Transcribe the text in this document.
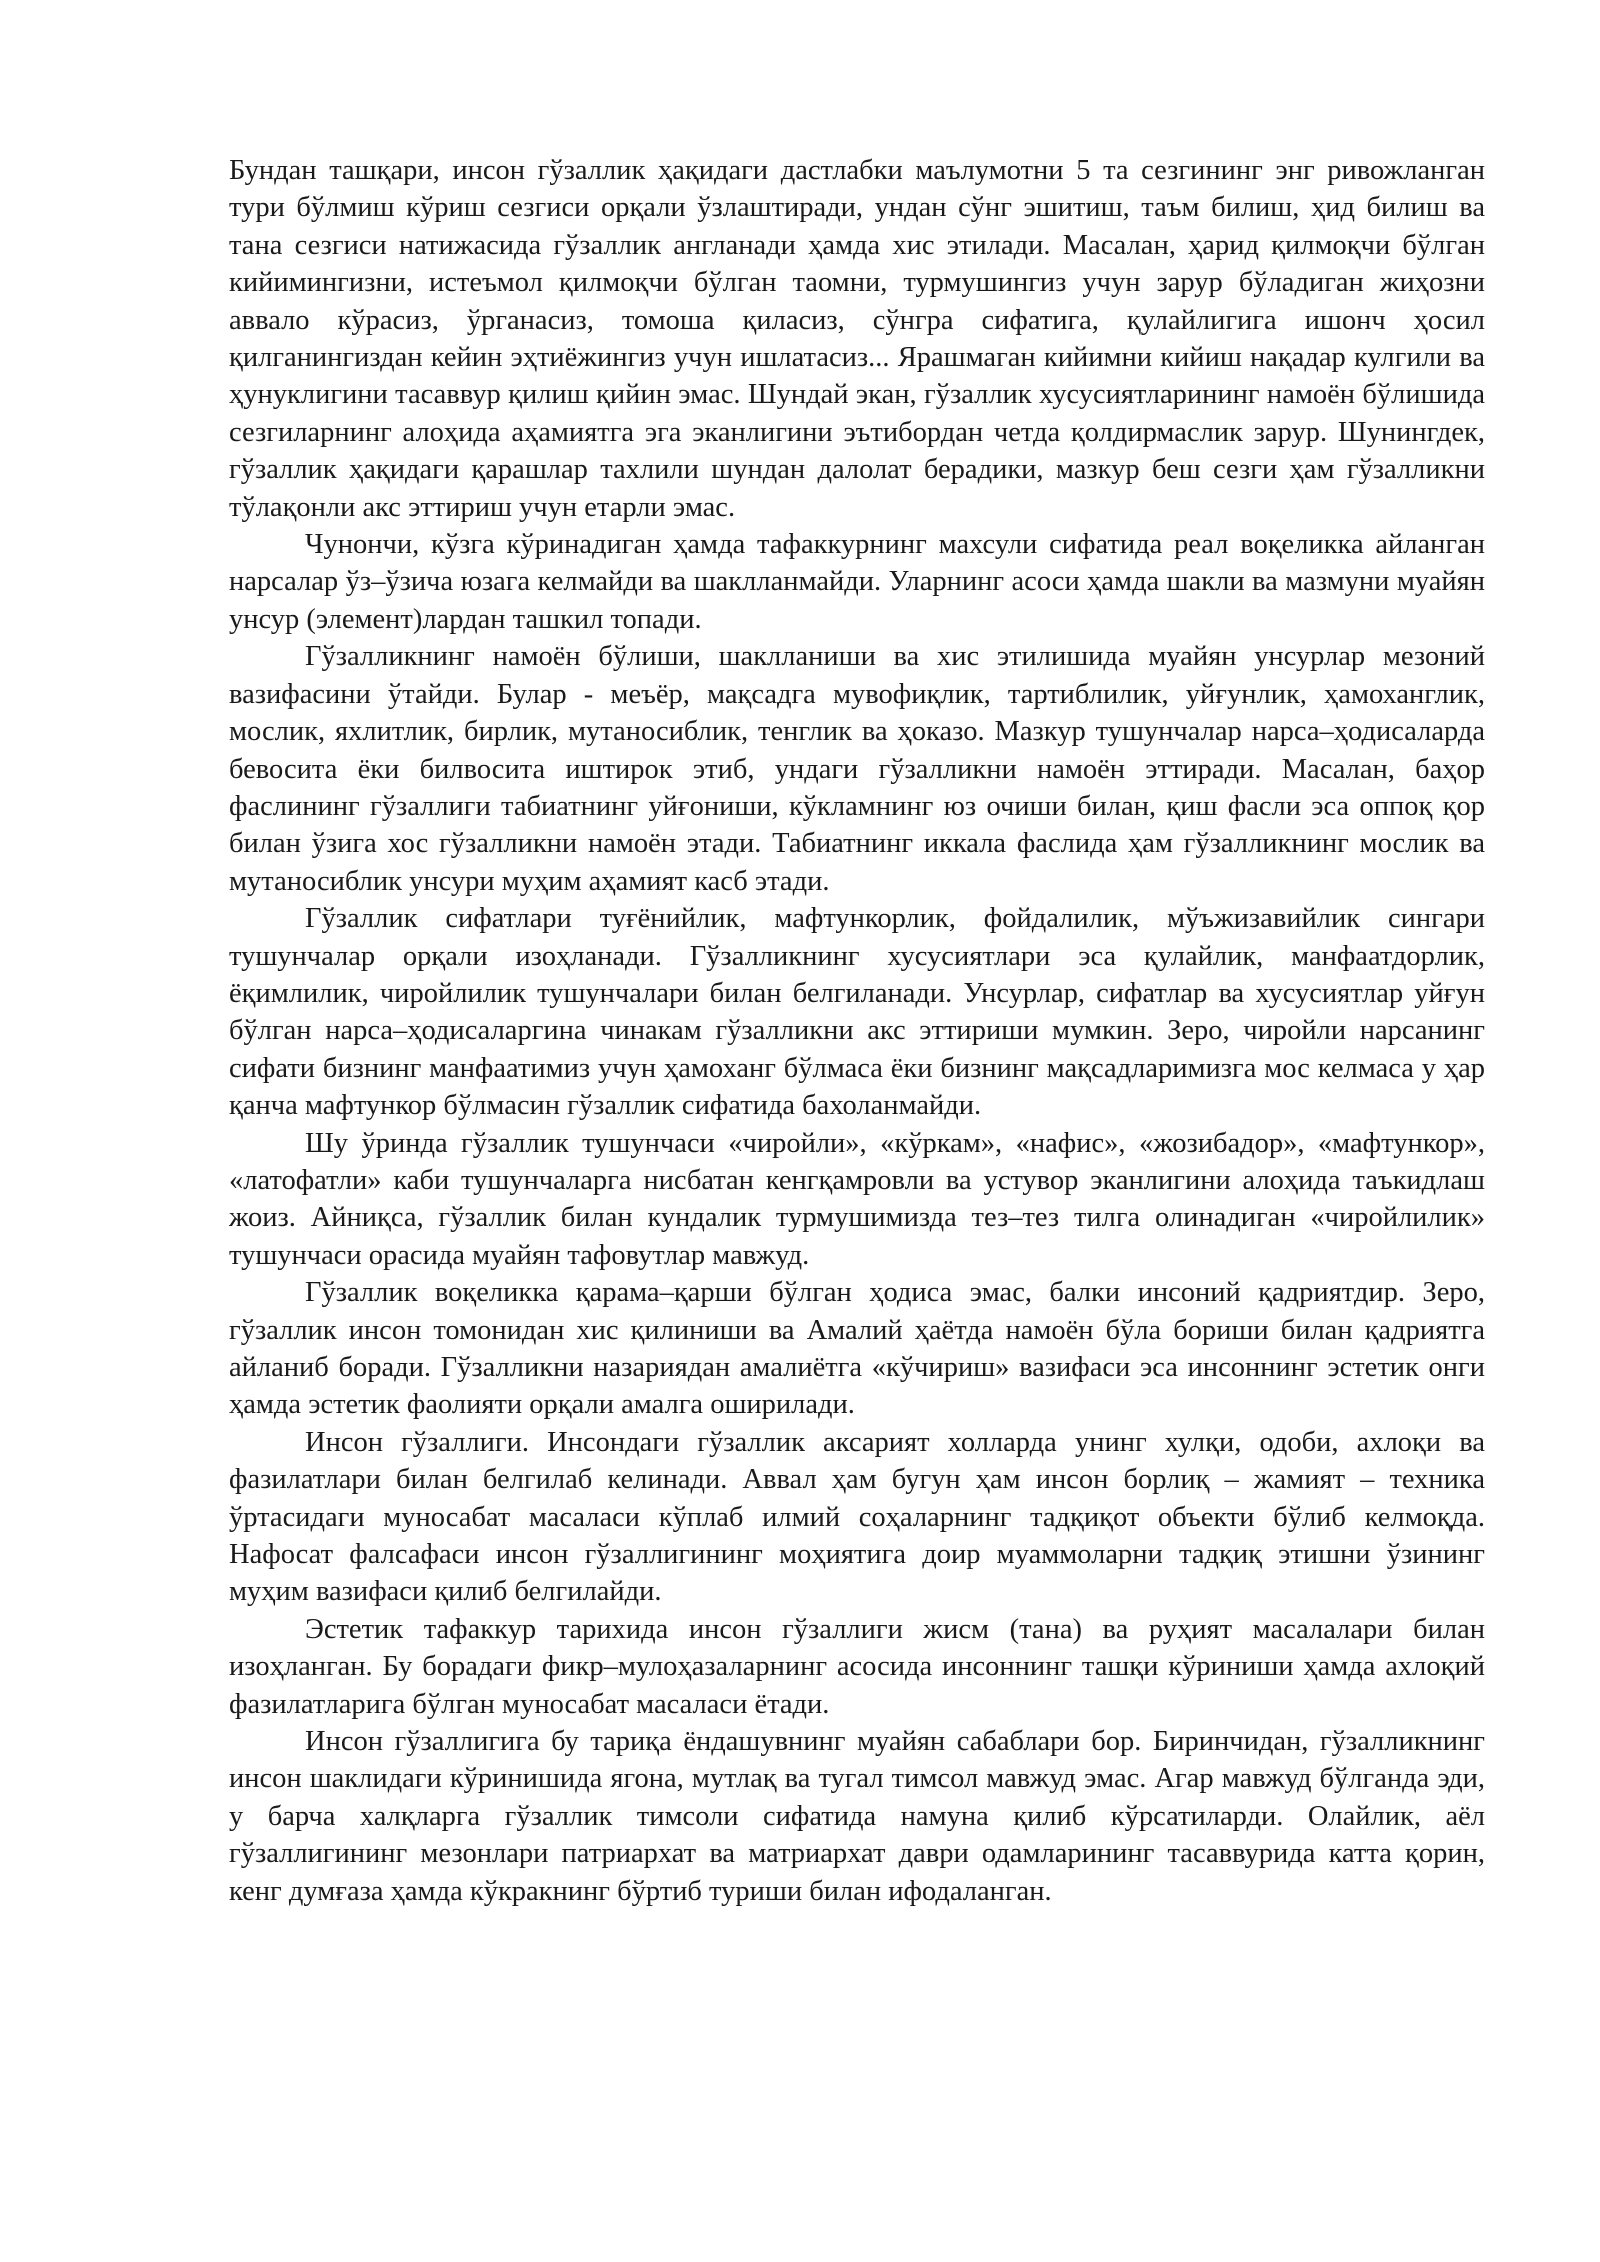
Бундан ташқари, инсон гўзаллик ҳақидаги дастлабки маълумотни 5 та сезгининг энг ривожланган тури бўлмиш кўриш сезгиси орқали ўзлаштиради, ундан сўнг эшитиш, таъм билиш, ҳид билиш ва тана сезгиси натижасида гўзаллик англанади ҳамда хис этилади. Масалан, ҳарид қилмоқчи бўлган кийимингизни, истеъмол қилмоқчи бўлган таомни, турмушингиз учун зарур бўладиган жиҳозни аввало кўрасиз, ўрганасиз, томоша қиласиз, сўнгра сифатига, қулайлигига ишонч ҳосил қилганингиздан кейин эҳтиёжингиз учун ишлатасиз... Ярашмаган кийимни кийиш нақадар кулгили ва ҳунуклигини тасаввур қилиш қийин эмас. Шундай экан, гўзаллик хусусиятларининг намоён бўлишида сезгиларнинг алоҳида аҳамиятга эга эканлигини эътибордан четда қолдирмаслик зарур. Шунингдек, гўзаллик ҳақидаги қарашлар тахлили шундан далолат берадики, мазкур беш сезги ҳам гўзалликни тўлақонли акс эттириш учун етарли эмас.

Чунончи, кўзга кўринадиган ҳамда тафаккурнинг махсули сифатида реал воқеликка айланган нарсалар ўз–ўзича юзага келмайди ва шаклланмайди. Уларнинг асоси ҳамда шакли ва мазмуни муайян унсур (элемент)лардан ташкил топади.

Гўзалликнинг намоён бўлиши, шаклланиши ва хис этилишида муайян унсурлар мезоний вазифасини ўтайди. Булар - меъёр, мақсадга мувофиқлик, тартиблилик, уйғунлик, ҳамоханглик, мослик, яхлитлик, бирлик, мутаносиблик, тенглик ва ҳоказо. Мазкур тушунчалар нарса–ҳодисаларда бевосита ёки билвосита иштирок этиб, ундаги гўзалликни намоён эттиради. Масалан, баҳор фаслининг гўзаллиги табиатнинг уйғониши, кўкламнинг юз очиши билан, қиш фасли эса оппоқ қор билан ўзига хос гўзалликни намоён этади. Табиатнинг иккала фаслида ҳам гўзалликнинг мослик ва мутаносиблик унсури муҳим аҳамият касб этади.

Гўзаллик сифатлари туғёнийлик, мафтункорлик, фойдалилик, мўъжизавийлик сингари тушунчалар орқали изоҳланади. Гўзалликнинг хусусиятлари эса қулайлик, манфаатдорлик, ёқимлилик, чиройлилик тушунчалари билан белгиланади. Унсурлар, сифатлар ва хусусиятлар уйғун бўлган нарса–ҳодисаларгина чинакам гўзалликни акс эттириши мумкин. Зеро, чиройли нарсанинг сифати бизнинг манфаатимиз учун ҳамоханг бўлмаса ёки бизнинг мақсадларимизга мос келмаса у ҳар қанча мафтункор бўлмасин гўзаллик сифатида бахоланмайди.

Шу ўринда гўзаллик тушунчаси «чиройли», «кўркам», «нафис», «жозибадор», «мафтункор», «латофатли» каби тушунчаларга нисбатан кенгқамровли ва устувор эканлигини алоҳида таъкидлаш жоиз. Айниқса, гўзаллик билан кундалик турмушимизда тез–тез тилга олинадиган «чиройлилик» тушунчаси орасида муайян тафовутлар мавжуд.

Гўзаллик воқеликка қарама–қарши бўлган ҳодиса эмас, балки инсоний қадриятдир. Зеро, гўзаллик инсон томонидан хис қилиниши ва Амалий ҳаётда намоён бўла бориши билан қадриятга айланиб боради. Гўзалликни назариядан амалиётга «кўчириш» вазифаси эса инсоннинг эстетик онги ҳамда эстетик фаолияти орқали амалга оширилади.

Инсон гўзаллиги. Инсондаги гўзаллик аксарият холларда унинг хулқи, одоби, ахлоқи ва фазилатлари билан белгилаб келинади. Аввал ҳам бугун ҳам инсон борлиқ – жамият – техника ўртасидаги муносабат масаласи кўплаб илмий соҳаларнинг тадқиқот объекти бўлиб келмоқда. Нафосат фалсафаси инсон гўзаллигининг моҳиятига доир муаммоларни тадқиқ этишни ўзининг муҳим вазифаси қилиб белгилайди.

Эстетик тафаккур тарихида инсон гўзаллиги жисм (тана) ва руҳият масалалари билан изоҳланган. Бу борадаги фикр–мулоҳазаларнинг асосида инсоннинг ташқи кўриниши ҳамда ахлоқий фазилатларига бўлган муносабат масаласи ётади.

Инсон гўзаллигига бу тариқа ёндашувнинг муайян сабаблари бор. Биринчидан, гўзалликнинг инсон шаклидаги кўринишида ягона, мутлақ ва тугал тимсол мавжуд эмас. Агар мавжуд бўлганда эди, у барча халқларга гўзаллик тимсоли сифатида намуна қилиб кўрсатиларди. Олайлик, аёл гўзаллигининг мезонлари патриархат ва матриархат даври одамларининг тасаввурида катта қорин, кенг думғаза ҳамда кўкракнинг бўртиб туриши билан ифодаланган.
